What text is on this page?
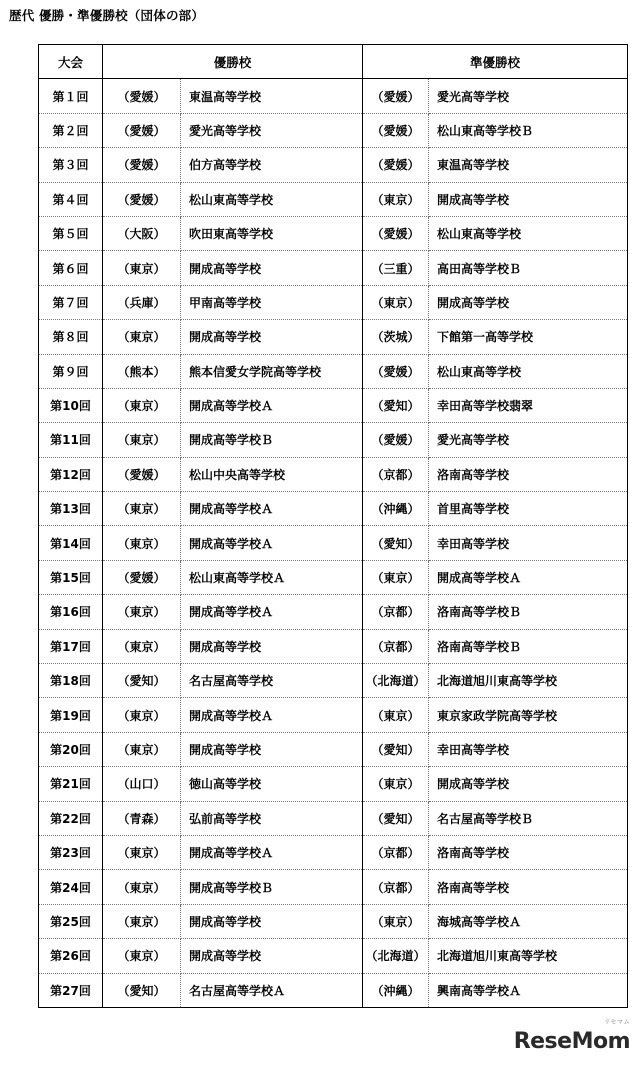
歴代 優勝・準優勝校（団体の部）
大会	優勝校		準優勝校	

第１回	（愛媛）	東温高等学校	（愛媛）	愛光高等学校
第２回	（愛媛）	愛光高等学校	（愛媛）	松山東高等学校Ｂ
第３回	（愛媛）	伯方高等学校	（愛媛）	東温高等学校
第４回	（愛媛）	松山東高等学校	（東京）	開成高等学校
第５回	（大阪）	吹田東高等学校	（愛媛）	松山東高等学校
第６回	（東京）	開成高等学校	（三重）	高田高等学校Ｂ
第７回	（兵庫）	甲南高等学校	（東京）	開成高等学校
第８回	（東京）	開成高等学校	（茨城）	下館第一高等学校
第９回	（熊本）	熊本信愛女学院高等学校	（愛媛）	松山東高等学校
第10回	（東京）	開成高等学校Ａ	（愛知）	幸田高等学校翡翠
第11回	（東京）	開成高等学校Ｂ	（愛媛）	愛光高等学校
第12回	（愛媛）	松山中央高等学校	（京都）	洛南高等学校
第13回	（東京）	開成高等学校Ａ	（沖縄）	首里高等学校
第14回	（東京）	開成高等学校Ａ	（愛知）	幸田高等学校
第15回	（愛媛）	松山東高等学校Ａ	（東京）	開成高等学校Ａ
第16回	（東京）	開成高等学校Ａ	（京都）	洛南高等学校Ｂ
第17回	（東京）	開成高等学校	（京都）	洛南高等学校Ｂ
第18回	（愛知）	名古屋高等学校	（北海道）	北海道旭川東高等学校
第19回	（東京）	開成高等学校Ａ	（東京）	東京家政学院高等学校
第20回	（東京）	開成高等学校	（愛知）	幸田高等学校
第21回	（山口）	徳山高等学校	（東京）	開成高等学校
第22回	（青森）	弘前高等学校	（愛知）	名古屋高等学校Ｂ
第23回	（東京）	開成高等学校Ａ	（京都）	洛南高等学校
第24回	（東京）	開成高等学校Ｂ	（京都）	洛南高等学校
第25回	（東京）	開成高等学校	（東京）	海城高等学校Ａ
第26回	（東京）	開成高等学校	（北海道）	北海道旭川東高等学校
第27回	（愛知）	名古屋高等学校Ａ	（沖縄）	興南高等学校Ａ
リセマム
ReseMom
